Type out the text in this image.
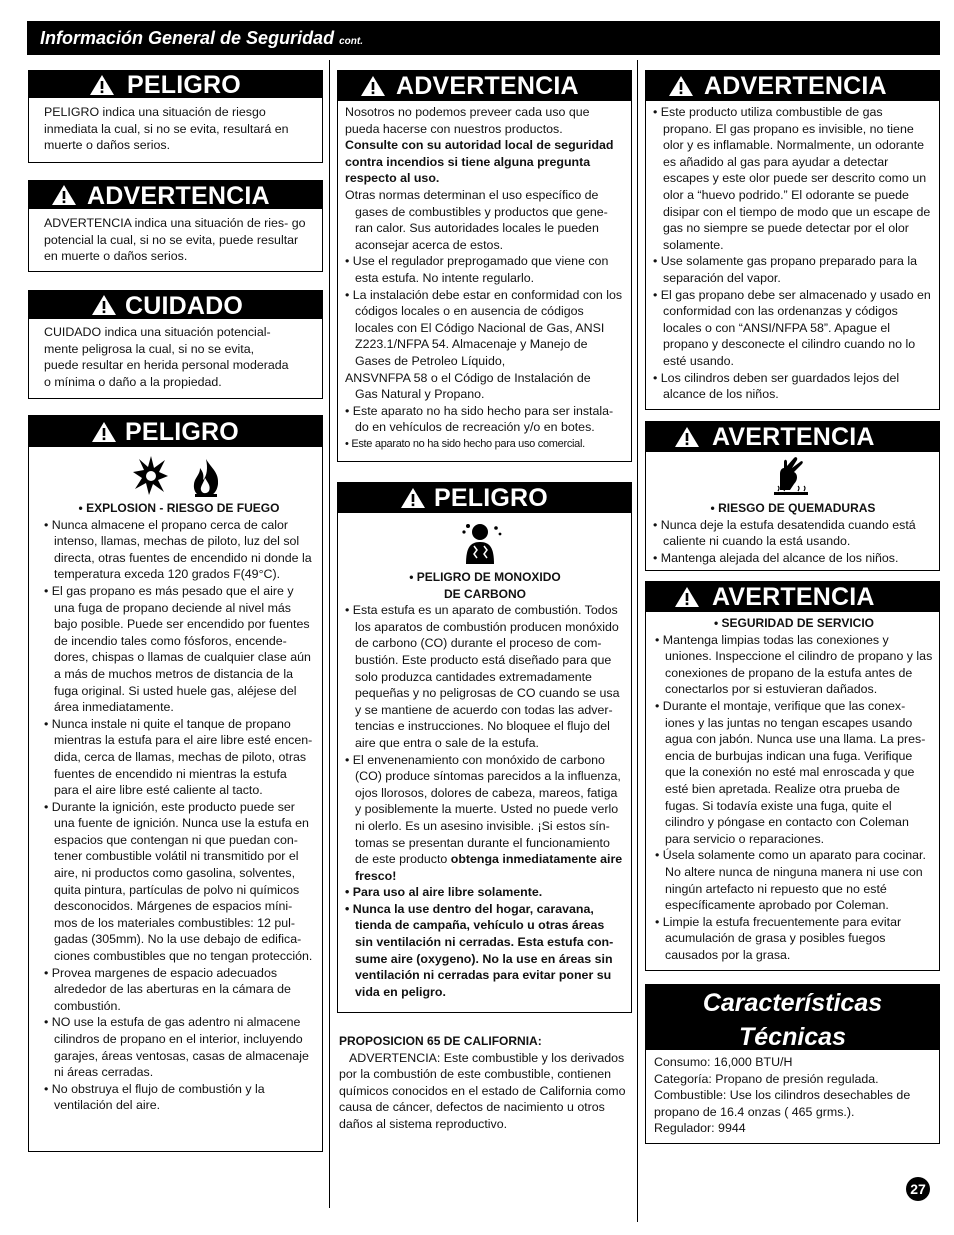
Información General de Seguridad cont.
PELIGRO
PELIGRO indica una situación de riesgo inmediata la cual, si no se evita, resultará en muerte o daños serios.
ADVERTENCIA
ADVERTENCIA indica una situación de ries- go potencial la cual, si no se evita, puede resultar en muerte o daños serios.
CUIDADO
CUIDADO indica una situación potencial-
mente peligrosa la cual, si no se evita,
puede resultar en herida personal moderada
o mínima o daño a la propiedad.
PELIGRO
• EXPLOSION - RIESGO DE FUEGO
• Nunca almacene el propano cerca de calor intenso, llamas, mechas de piloto, luz del sol directa, otras fuentes de encendido ni donde la temperatura exceda 120 grados F(49°C).
• El gas propano es más pesado que el aire y una fuga de propano deciende al nivel más bajo posible. Puede ser encendido por fuentes de incendio tales como fósforos, encende- dores, chispas o llamas de cualquier clase aún a más de muchos metros de distancia de la fuga original. Si usted huele gas, aléjese del área inmediatamente.
• Nunca instale ni quite el tanque de propano mientras la estufa para el aire libre esté encen- dida, cerca de llamas, mechas de piloto, otras fuentes de encendido ni mientras la estufa para el aire libre esté caliente al tacto.
• Durante la ignición, este producto puede ser una fuente de ignición. Nunca use la estufa en espacios que contengan ni que puedan con- tener combustible volátil ni transmitido por el aire, ni productos como gasolina, solventes, quita pintura, partículas de polvo ni químicos desconocidos. Márgenes de espacios míni- mos de los materiales combustibles: 12 pul- gadas (305mm). No la use debajo de edifica- ciones combustibles que no tengan protección.
• Provea margenes de espacio adecuados alrededor de las aberturas en la cámara de combustión.
• NO use la estufa de gas adentro ni almacene cilindros de propano en el interior, incluyendo garajes, áreas ventosas, casas de almacenaje ni áreas cerradas.
• No obstruya el flujo de combustión y la ventilación del aire.
ADVERTENCIA
Nosotros no podemos preveer cada uso que pueda hacerse con nuestros productos.
Consulte con su autoridad local de seguridad contra incendios si tiene alguna pregunta respecto al uso.
Otras normas determinan el uso específico de
gases de combustibles y productos que gene- ran calor. Sus autoridades locales le pueden aconsejar acerca de estos.
• Use el regulador preprogamado que viene con esta estufa. No intente regularlo.
• La instalación debe estar en conformidad con los códigos locales o en ausencia de códigos locales con El Código Nacional de Gas, ANSI Z223.1/NFPA 54. Almacenaje y Manejo de Gases de Petroleo Líquido,
ANSVNFPA 58 o el Código de Instalación de
Gas Natural y Propano.
• Este aparato no ha sido hecho para ser instala- do en vehículos de recreación y/o en botes.
• Este aparato no ha sido hecho para uso comercial.
PELIGRO
• PELIGRO DE MONOXIDO
DE CARBONO
• Esta estufa es un aparato de combustión. Todos los aparatos de combustión producen monóxido de carbono (CO) durante el proceso de com- bustión. Este producto está diseñado para que solo produzca cantidades extremadamente pequeñas y no peligrosas de CO cuando se usa y se mantiene de acuerdo con todas las adver- tencias e instrucciones. No bloquee el flujo del aire que entra o sale de la estufa.
• El envenenamiento con monóxido de carbono (CO) produce síntomas parecidos a la influenza, ojos llorosos, dolores de cabeza, mareos, fatiga y posiblemente la muerte. Usted no puede verlo ni olerlo. Es un asesino invisible. ¡Si estos sín- tomas se presentan durante el funcionamiento de este producto obtenga inmediatamente aire fresco!
• Para uso al aire libre solamente.
• Nunca la use dentro del hogar, caravana, tienda de campaña, vehículo u otras áreas sin ventilación ni cerradas. Esta estufa con- sume aire (oxygeno). No la use en áreas sin ventilación ni cerradas para evitar poner su vida en peligro.
PROPOSICION 65 DE CALIFORNIA:
ADVERTENCIA: Este combustible y los derivados por la combustión de este combustible, contienen químicos conocidos en el estado de California como causa de cáncer, defectos de nacimiento u otros daños al sistema reproductivo.
ADVERTENCIA
• Este producto utiliza combustible de gas propano. El gas propano es invisible, no tiene olor y es inflamable. Normalmente, un odorante es añadido al gas para ayudar a detectar escapes y este olor puede ser descrito como un olor a “huevo podrido.” El odorante se puede disipar con el tiempo de modo que un escape de gas no siempre se puede detectar por el olor solamente.
• Use solamente gas propano preparado para la separación del vapor.
• El gas propano debe ser almacenado y usado en conformidad con las ordenanzas y códigos locales o con “ANSI/NFPA 58”. Apague el propano y desconecte el cilindro cuando no lo esté usando.
• Los cilindros deben ser guardados lejos del alcance de los niños.
AVERTENCIA
• RIESGO DE QUEMADURAS
• Nunca deje la estufa desatendida cuando está caliente ni cuando la está usando.
• Mantenga alejada del alcance de los niños.
AVERTENCIA
• SEGURIDAD DE SERVICIO
• Mantenga limpias todas las conexiones y uniones. Inspeccione el cilindro de propano y las conexiones de propano de la estufa antes de conectarlos por si estuvieran dañados.
• Durante el montaje, verifique que las conex- iones y las juntas no tengan escapes usando agua con jabón. Nunca use una llama. La pres- encia de burbujas indican una fuga. Verifique que la conexión no esté mal enroscada y que esté bien apretada. Realize otra prueba de fugas. Si todavía existe una fuga, quite el cilindro y póngase en contacto con Coleman para servicio o reparaciones.
• Úsela solamente como un aparato para cocinar. No altere nunca de ninguna manera ni use con ningún artefacto ni repuesto que no esté específicamente aprobado por Coleman.
• Limpie la estufa frecuentemente para evitar acumulación de grasa y posibles fuegos causados por la grasa.
Características
Técnicas
Consumo: 16,000 BTU/H
Categoría: Propano de presión regulada.
Combustible: Use los cilindros desechables de
propano de 16.4 onzas ( 465 grms.).
Regulador: 9944
27
